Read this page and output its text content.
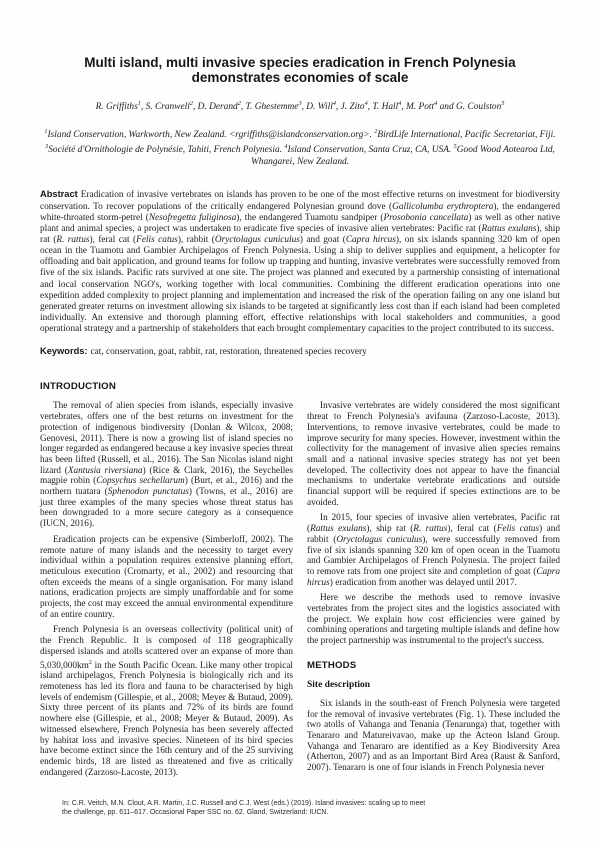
Multi island, multi invasive species eradication in French Polynesia demonstrates economies of scale
R. Griffiths$^1$, S. Cranwell$^2$, D. Derand$^2$, T. Ghestemme$^3$, D. Will$^4$, J. Zito$^4$, T. Hall$^4$, M. Pott$^4$ and G. Coulston$^5$
$^1$Island Conservation, Warkworth, New Zealand. <rgriffiths@islandconservation.org>. $^2$BirdLife International, Pacific Secretariat, Fiji. $^3$Société d'Ornithologie de Polynésie, Tahiti, French Polynesia. $^4$Island Conservation, Santa Cruz, CA, USA. $^5$Good Wood Aotearoa Ltd, Whangarei, New Zealand.

Abstract Eradication of invasive vertebrates on islands has proven to be one of the most effective returns on investment for biodiversity conservation. To recover populations of the critically endangered Polynesian ground dove (Gallicolumba erythroptera), the endangered white-throated storm-petrel (Nesofregetta fuliginosa), the endangered Tuamotu sandpiper (Prosobonia cancellata) as well as other native plant and animal species, a project was undertaken to eradicate five species of invasive alien vertebrates: Pacific rat (Rattus exulans), ship rat (R. rattus), feral cat (Felis catus), rabbit (Oryctolagus cuniculus) and goat (Capra hircus), on six islands spanning 320 km of open ocean in the Tuamotu and Gambier Archipelagos of French Polynesia. Using a ship to deliver supplies and equipment, a helicopter for offloading and bait application, and ground teams for follow up trapping and hunting, invasive vertebrates were successfully removed from five of the six islands. Pacific rats survived at one site. The project was planned and executed by a partnership consisting of international and local conservation NGO's, working together with local communities. Combining the different eradication operations into one expedition added complexity to project planning and implementation and increased the risk of the operation failing on any one island but generated greater returns on investment allowing six islands to be targeted at significantly less cost than if each island had been completed individually. An extensive and thorough planning effort, effective relationships with local stakeholders and communities, a good operational strategy and a partnership of stakeholders that each brought complementary capacities to the project contributed to its success.

Keywords: cat, conservation, goat, rabbit, rat, restoration, threatened species recovery

INTRODUCTION

The removal of alien species from islands, especially invasive vertebrates, offers one of the best returns on investment for the protection of indigenous biodiversity (Donlan & Wilcox, 2008; Genovesi, 2011). There is now a growing list of island species no longer regarded as endangered because a key invasive species threat has been lifted (Russell, et al., 2016). The San Nicolas island night lizard (Xantusia riversiana) (Rice & Clark, 2016), the Seychelles magpie robin (Copsychus sechellarum) (Burt, et al., 2016) and the northern tuatara (Sphenodon punctatus) (Towns, et al., 2016) are just three examples of the many species whose threat status has been downgraded to a more secure category as a consequence (IUCN, 2016).

Eradication projects can be expensive (Simberloff, 2002). The remote nature of many islands and the necessity to target every individual within a population requires extensive planning effort, meticulous execution (Cromarty, et al., 2002) and resourcing that often exceeds the means of a single organisation. For many island nations, eradication projects are simply unaffordable and for some projects, the cost may exceed the annual environmental expenditure of an entire country.

French Polynesia is an overseas collectivity (political unit) of the French Republic. It is composed of 118 geographically dispersed islands and atolls scattered over an expanse of more than $5,030,000km^2$ in the South Pacific Ocean. Like many other tropical island archipelagos, French Polynesia is biologically rich and its remoteness has led its flora and fauna to be characterised by high levels of endemism (Gillespie, et al., 2008; Meyer & Butaud, 2009). Sixty three percent of its plants and 72% of its birds are found nowhere else (Gillespie, et al., 2008; Meyer & Butaud, 2009). As witnessed elsewhere, French Polynesia has been severely affected by habitat loss and invasive species. Nineteen of its bird species have become extinct since the 16th century and of the 25 surviving endemic birds, 18 are listed as threatened and five as critically endangered (Zarzoso-Lacoste, 2013).

Invasive vertebrates are widely considered the most significant threat to French Polynesia's avifauna (Zarzoso-Lacoste, 2013). Interventions, to remove invasive vertebrates, could be made to improve security for many species. However, investment within the collectivity for the management of invasive alien species remains small and a national invasive species strategy has not yet been developed. The collectivity does not appear to have the financial mechanisms to undertake vertebrate eradications and outside financial support will be required if species extinctions are to be avoided.

In 2015, four species of invasive alien vertebrates, Pacific rat (Rattus exulans), ship rat (R. rattus), feral cat (Felis catus) and rabbit (Oryctolagus cuniculus), were successfully removed from five of six islands spanning 320 km of open ocean in the Tuamotu and Gambier Archipelagos of French Polynesia. The project failed to remove rats from one project site and completion of goat (Capra hircus) eradication from another was delayed until 2017.

Here we describe the methods used to remove invasive vertebrates from the project sites and the logistics associated with the project. We explain how cost efficiencies were gained by combining operations and targeting multiple islands and define how the project partnership was instrumental to the project's success.

METHODS
Site description

Six islands in the south-east of French Polynesia were targeted for the removal of invasive vertebrates (Fig. 1). These included the two atolls of Vahanga and Tenania (Tenarunga) that, together with Tenararo and Matureivavao, make up the Acteon Island Group. Vahanga and Tenararo are identified as a Key Biodiversity Area (Atherton, 2007) and as an Important Bird Area (Raust & Sanford, 2007). Tenararo is one of four islands in French Polynesia never

In: C.R. Veitch, M.N. Clout, A.R. Martin, J.C. Russell and C.J. West (eds.) (2019). Island invasives: scaling up to meet the challenge, pp. 611–617. Occasional Paper SSC no. 62. Gland, Switzerland: IUCN.
